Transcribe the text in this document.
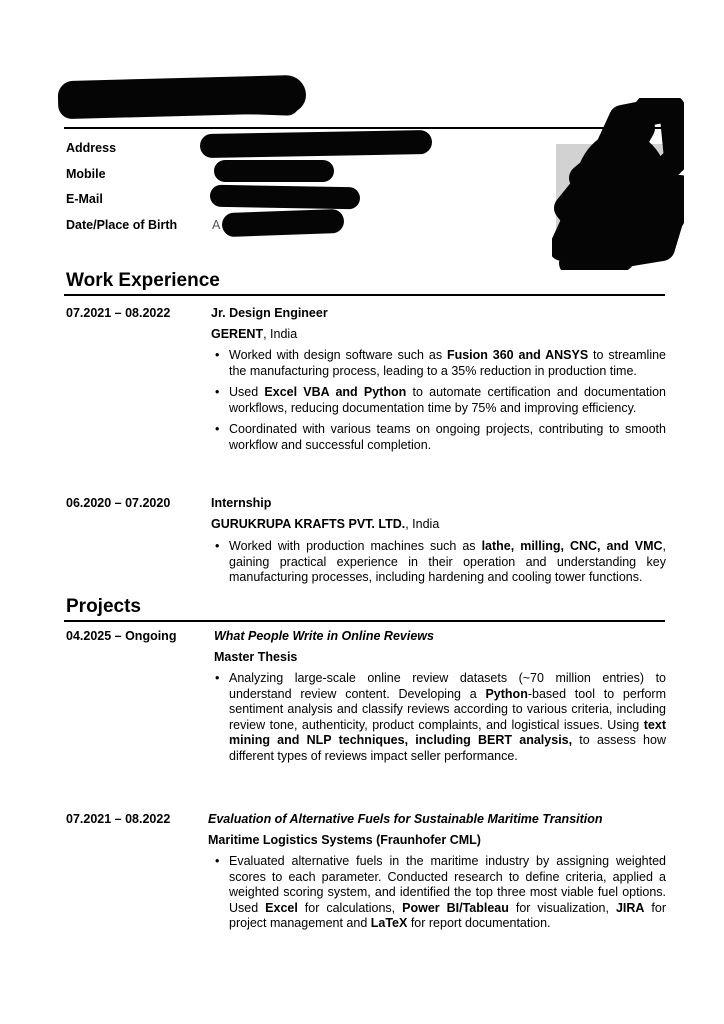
Address
Mobile
E-Mail
Date/Place of Birth	A
Work Experience
07.2021 – 08.2022	Jr. Design Engineer
GERENT, India
• Worked with design software such as Fusion 360 and ANSYS to streamline the manufacturing process, leading to a 35% reduction in production time.
• Used Excel VBA and Python to automate certification and documentation workflows, reducing documentation time by 75% and improving efficiency.
• Coordinated with various teams on ongoing projects, contributing to smooth workflow and successful completion.
06.2020 – 07.2020	Internship
GURUKRUPA KRAFTS PVT. LTD., India
• Worked with production machines such as lathe, milling, CNC, and VMC, gaining practical experience in their operation and understanding key manufacturing processes, including hardening and cooling tower functions.
Projects
04.2025 – Ongoing	What People Write in Online Reviews
Master Thesis
• Analyzing large-scale online review datasets (~70 million entries) to understand review content. Developing a Python-based tool to perform sentiment analysis and classify reviews according to various criteria, including review tone, authenticity, product complaints, and logistical issues. Using text mining and NLP techniques, including BERT analysis, to assess how different types of reviews impact seller performance.
07.2021 – 08.2022	Evaluation of Alternative Fuels for Sustainable Maritime Transition
Maritime Logistics Systems (Fraunhofer CML)
• Evaluated alternative fuels in the maritime industry by assigning weighted scores to each parameter. Conducted research to define criteria, applied a weighted scoring system, and identified the top three most viable fuel options. Used Excel for calculations, Power BI/Tableau for visualization, JIRA for project management and LaTeX for report documentation.
